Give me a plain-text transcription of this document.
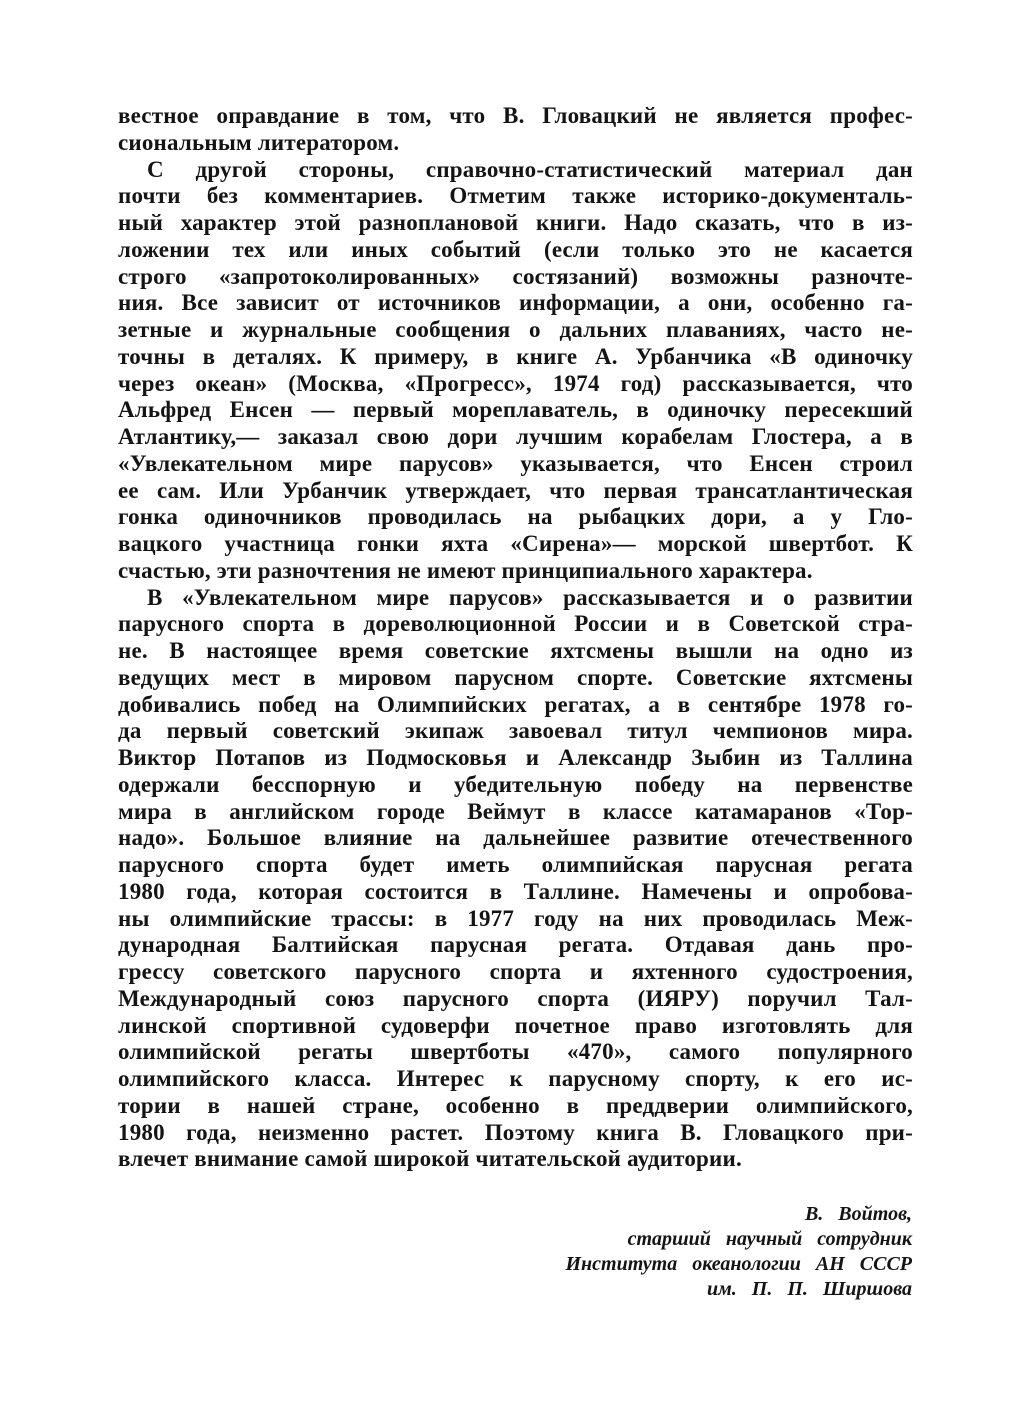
вестное оправдание в том, что В. Гловацкий не является профес-
сиональным литератором.
С другой стороны, справочно-статистический материал дан
почти без комментариев. Отметим также историко-документаль-
ный характер этой разноплановой книги. Надо сказать, что в из-
ложении тех или иных событий (если только это не касается
строго «запротоколированных» состязаний) возможны разночте-
ния. Все зависит от источников информации, а они, особенно га-
зетные и журнальные сообщения о дальних плаваниях, часто не-
точны в деталях. К примеру, в книге А. Урбанчика «В одиночку
через океан» (Москва, «Прогресс», 1974 год) рассказывается, что
Альфред Енсен — первый мореплаватель, в одиночку пересекший
Атлантику,— заказал свою дори лучшим корабелам Глостера, а в
«Увлекательном мире парусов» указывается, что Енсен строил
ее сам. Или Урбанчик утверждает, что первая трансатлантическая
гонка одиночников проводилась на рыбацких дори, а у Гло-
вацкого участница гонки яхта «Сирена»— морской швертбот. К
счастью, эти разночтения не имеют принципиального характера.
В «Увлекательном мире парусов» рассказывается и о развитии
парусного спорта в дореволюционной России и в Советской стра-
не. В настоящее время советские яхтсмены вышли на одно из
ведущих мест в мировом парусном спорте. Советские яхтсмены
добивались побед на Олимпийских регатах, а в сентябре 1978 го-
да первый советский экипаж завоевал титул чемпионов мира.
Виктор Потапов из Подмосковья и Александр Зыбин из Таллина
одержали бесспорную и убедительную победу на первенстве
мира в английском городе Веймут в классе катамаранов «Тор-
надо». Большое влияние на дальнейшее развитие отечественного
парусного спорта будет иметь олимпийская парусная регата
1980 года, которая состоится в Таллине. Намечены и опробова-
ны олимпийские трассы: в 1977 году на них проводилась Меж-
дународная Балтийская парусная регата. Отдавая дань про-
грессу советского парусного спорта и яхтенного судостроения,
Международный союз парусного спорта (ИЯРУ) поручил Тал-
линской спортивной судоверфи почетное право изготовлять для
олимпийской регаты швертботы «470», самого популярного
олимпийского класса. Интерес к парусному спорту, к его ис-
тории в нашей стране, особенно в преддверии олимпийского,
1980 года, неизменно растет. Поэтому книга В. Гловацкого при-
влечет внимание самой широкой читательской аудитории.
В. Войтов,
старший научный сотрудник
Института океанологии АН СССР
им. П. П. Ширшова
